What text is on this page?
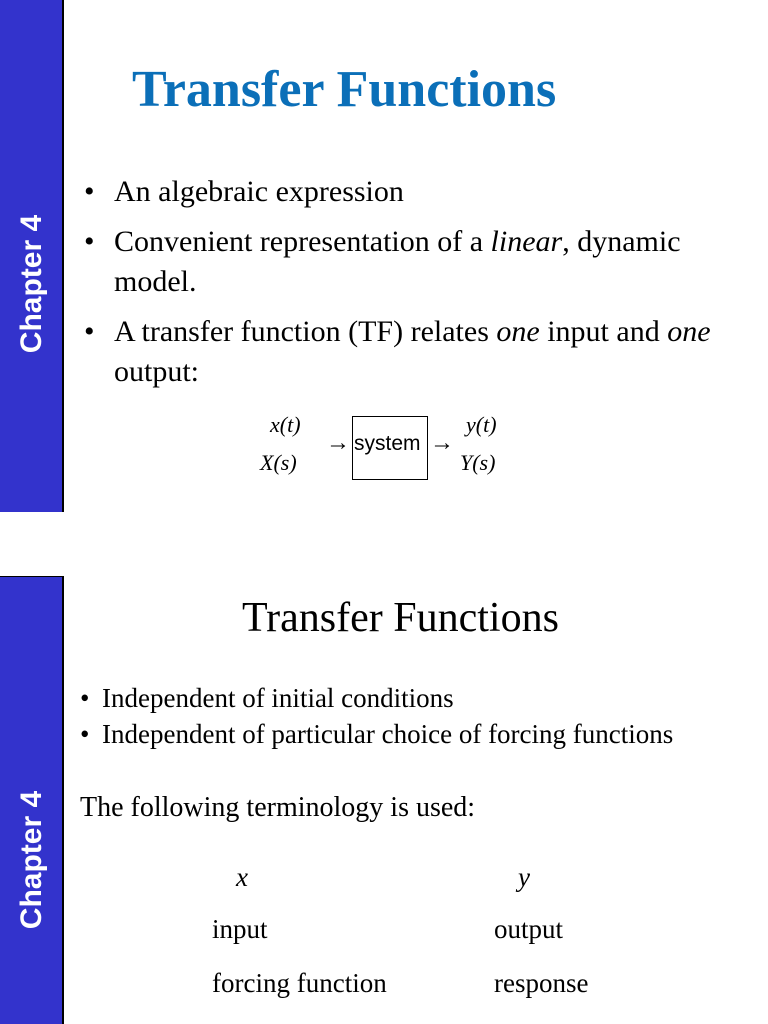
Chapter 4
Transfer Functions
• An algebraic expression
• Convenient representation of a linear, dynamic model.
• A transfer function (TF) relates one input and one output:
x(t)
X(s)
→ system →
y(t)
Y(s)
Chapter 4
Transfer Functions
• Independent of initial conditions
• Independent of particular choice of forcing functions
The following terminology is used:
x	y
input	output
forcing function	response
